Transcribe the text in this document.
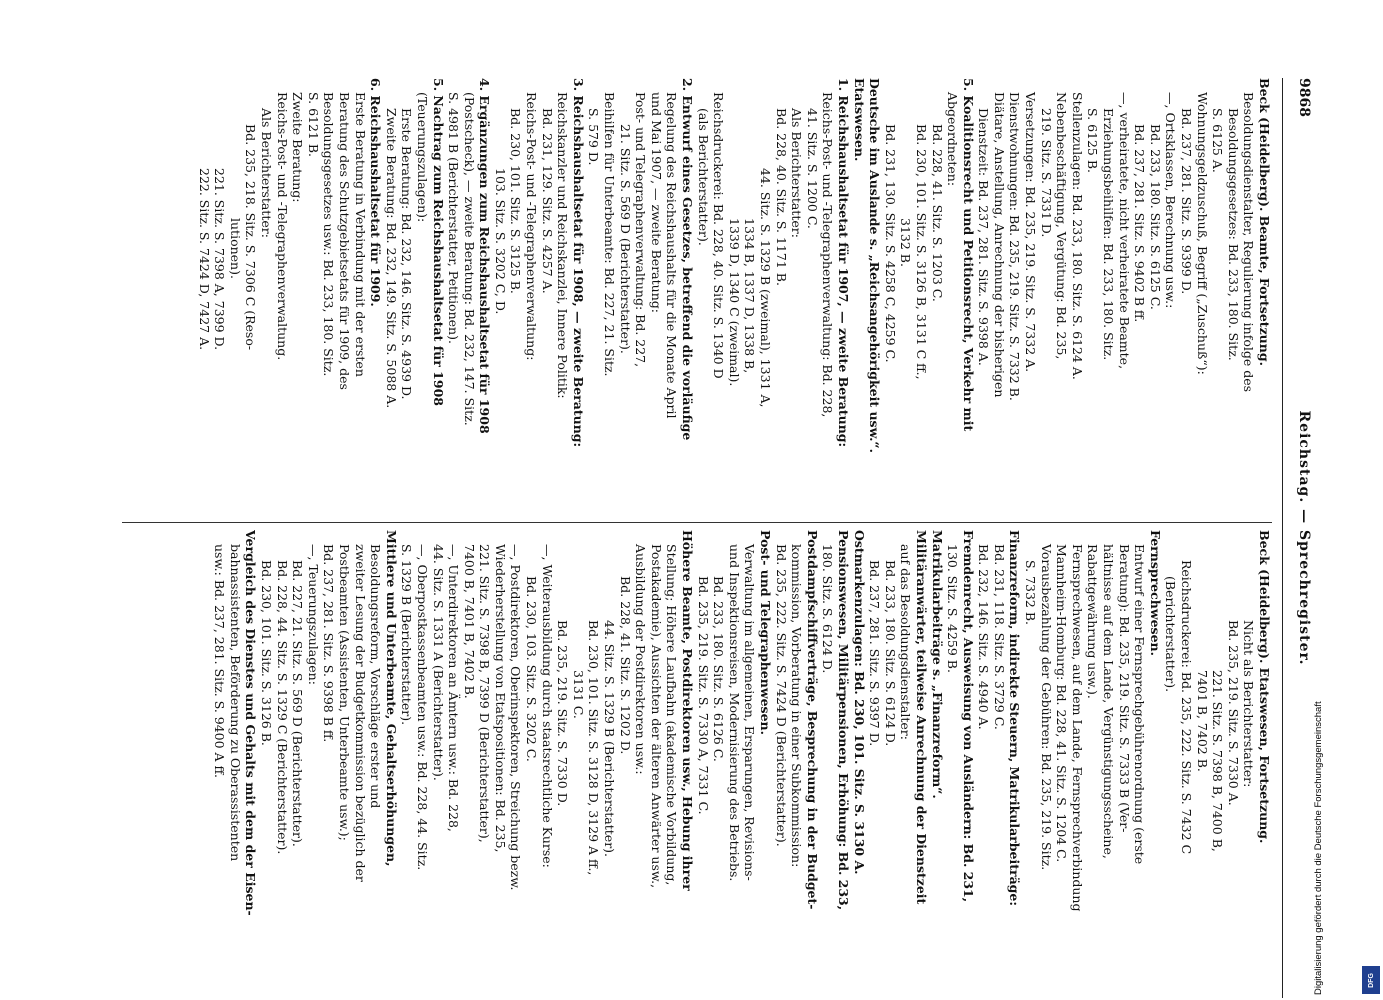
9868
Reichstag. — Sprechregister.
Beck (Heidelberg). Beamte, Fortsetzung.
Besoldungsdienstalter, Regulierung infolge des
Besoldungsgesetzes: Bd. 233, 180. Sitz.
S. 6125 A.
Wohnungsgeldzuschuß, Begriff („Zuschuß“):
Bd. 237, 281. Sitz. S. 9399 D.
—, Ortsklassen, Berechnung usw.:
Bd. 233, 180. Sitz. S. 6125 C.
Bd. 237, 281. Sitz. S. 9402 B ff.
—, verheiratete, nicht verheiratete Beamte,
Erziehungsbeihilfen: Bd. 233, 180. Sitz.
S. 6125 B.
Stellenzulagen: Bd. 233, 180. Sitz. S. 6124 A.
Nebenbeschäftigung, Vergütung: Bd. 235,
219. Sitz. S. 7331 D.
Versetzungen: Bd. 235, 219. Sitz. S. 7332 A.
Dienstwohnungen: Bd. 235, 219. Sitz. S. 7332 B.
Diätare, Anstellung, Anrechnung der bisherigen
Dienstzeit: Bd. 237, 281. Sitz. S. 9398 A.
5. Koalitionsrecht und Petitionsrecht, Verkehr mit
Abgeordneten:
Bd. 228, 41. Sitz. S. 1203 C.
Bd. 230, 101. Sitz. S. 3126 B, 3131 C ff.,
3132 B.
Bd. 231, 130. Sitz. S. 4258 C, 4259 C.
Deutsche im Auslande s. „Reichsangehörigkeit usw.“.
Etatswesen.
1. Reichshaushaltsetat für 1907, — zweite Beratung:
Reichs-Post- und -Telegraphenverwaltung: Bd. 228,
41. Sitz. S. 1200 C.
Als Berichterstatter:
Bd. 228, 40. Sitz. S. 1171 B.
44. Sitz. S. 1329 B (zweimal), 1331 A,
1334 B, 1337 D, 1338 B,
1339 D, 1340 C (zweimal).
Reichsdruckerei: Bd. 228, 40. Sitz. S. 1340 D
(als Berichterstatter).
2. Entwurf eines Gesetzes, betreffend die vorläufige
Regelung des Reichshaushalts für die Monate April
und Mai 1907, — zweite Beratung:
Post- und Telegraphenverwaltung: Bd. 227,
21. Sitz. S. 569 D (Berichterstatter).
Beihilfen für Unterbeamte: Bd. 227, 21. Sitz.
S. 579 D.
3. Reichshaushaltsetat für 1908, — zweite Beratung:
Reichskanzler und Reichskanzlei, Innere Politik:
Bd. 231, 129. Sitz. S. 4257 A.
Reichs-Post- und -Telegraphenverwaltung:
Bd. 230, 101. Sitz. S. 3125 B.
103. Sitz. S. 3202 C, D.
4. Ergänzungen zum Reichshaushaltsetat für 1908
(Postscheck), — zweite Beratung: Bd. 232, 147. Sitz.
S. 4981 B (Berichterstatter, Petitionen).
5. Nachtrag zum Reichshaushaltsetat für 1908
(Teuerungszulagen):
Erste Beratung: Bd. 232, 146. Sitz. S. 4939 D.
Zweite Beratung: Bd. 232, 149. Sitz. S. 5088 A.
6. Reichshaushaltsetat für 1909.
Erste Beratung in Verbindung mit der ersten
Beratung des Schutzgebietsetats für 1909, des
Besoldungsgesetzes usw.: Bd. 233, 180. Sitz.
S. 6121 B.
Zweite Beratung:
Reichs-Post- und -Telegraphenverwaltung.
Als Berichterstatter:
Bd. 235, 218. Sitz. S. 7306 C (Reso-
lutionen).
221. Sitz. S. 7398 A, 7399 D.
222. Sitz. S. 7424 D, 7427 A.
Beck (Heidelberg). Etatswesen, Fortsetzung.
Nicht als Berichterstatter:
Bd. 235, 219. Sitz. S. 7330 A.
221. Sitz. S. 7398 B, 7400 B,
7401 B, 7402 B.
Reichsdruckerei: Bd. 235, 222. Sitz. S. 7432 C
(Berichterstatter).
Fernsprechwesen.
Entwurf einer Fernsprechgebührenordnung (erste
Beratung): Bd. 235, 219. Sitz. S. 7333 B (Ver-
hältnisse auf dem Lande, Vergünstigungsscheine,
Rabattgewährung usw.).
Fernsprechwesen, auf dem Lande, Fernsprechverbindung
Mannheim-Homburg: Bd. 228, 41. Sitz. S. 1204 C.
Vorausbezahlung der Gebühren: Bd. 235, 219. Sitz.
S. 7332 B.
Finanzreform, indirekte Steuern, Matrikularbeiträge:
Bd. 231, 118. Sitz. S. 3729 C.
Bd. 232, 146. Sitz. S. 4940 A.
Fremdenrecht, Ausweisung von Ausländern: Bd. 231,
130. Sitz. S. 4259 B.
Matrikularbeiträge s. „Finanzreform“.
Militäranwärter, teilweise Anrechnung der Dienstzeit
auf das Besoldungsdienstalter:
Bd. 233, 180. Sitz. S. 6124 D.
Bd. 237, 281. Sitz. S. 9397 D.
Ostmarkenzulagen: Bd. 230, 101. Sitz. S. 3130 A.
Pensionswesen, Militärpensionen, Erhöhung: Bd. 233,
180. Sitz. S. 6124 D.
Postdampfschiffverträge, Besprechung in der Budget-
kommission, Vorberatung in einer Subkommission:
Bd. 235, 222. Sitz. S. 7424 D (Berichterstatter).
Post- und Telegraphenwesen.
Verwaltung im allgemeinen, Ersparungen, Revisions-
und Inspektionsreisen, Modernisierung des Betriebs.
Bd. 233, 180. Sitz. S. 6126 C.
Bd. 235, 219. Sitz. S. 7330 A, 7331 C.
Höhere Beamte, Postdirektoren usw., Hebung ihrer
Stellung; Höhere Laufbahn (akademische Vorbildung,
Postakademie), Aussichten der älteren Anwärter usw.,
Ausbildung der Postdirektoren usw.:
Bd. 228, 41. Sitz. S. 1202 D.
44. Sitz. S. 1329 B (Berichterstatter).
Bd. 230, 101. Sitz. S. 3128 D, 3129 A ff.,
3131 C.
Bd. 235, 219. Sitz. S. 7330 D.
—, Weiterausbildung durch staatsrechtliche Kurse:
Bd. 230, 103. Sitz. S. 3202 C.
—, Postdirektoren, Oberinspektoren, Streichung bezw.
Wiederherstellung von Etatspositionen: Bd. 235,
221. Sitz. S. 7398 B, 7399 D (Berichterstatter),
7400 B, 7401 B, 7402 B.
—, Unterdirektoren an Ämtern usw.: Bd. 228,
44. Sitz. S. 1331 A (Berichterstatter).
—, Oberpostkassenbeamten usw.: Bd. 228, 44. Sitz.
S. 1329 B (Berichterstatter).
Mittlere und Unterbeamte, Gehaltserhöhungen,
Besoldungsreform, Vorschläge erster und
zweiter Lesung der Budgetkommission bezüglich der
Postbeamten (Assistenten, Unterbeamte usw.);
Bd. 237, 281. Sitz. S. 9398 B ff.
—, Teuerungszulagen:
Bd. 227, 21. Sitz. S. 569 D (Berichterstatter).
Bd. 228, 44. Sitz. S. 1329 C (Berichterstatter).
Bd. 230, 101. Sitz. S. 3126 B.
Vergleich des Dienstes und Gehalts mit dem der Eisen-
bahnassistenten, Beförderung zu Oberassistenten
usw.: Bd. 237, 281. Sitz. S. 9400 A ff.
Digitalisierung gefördert durch die Deutsche Forschungsgemeinschaft	DFG
